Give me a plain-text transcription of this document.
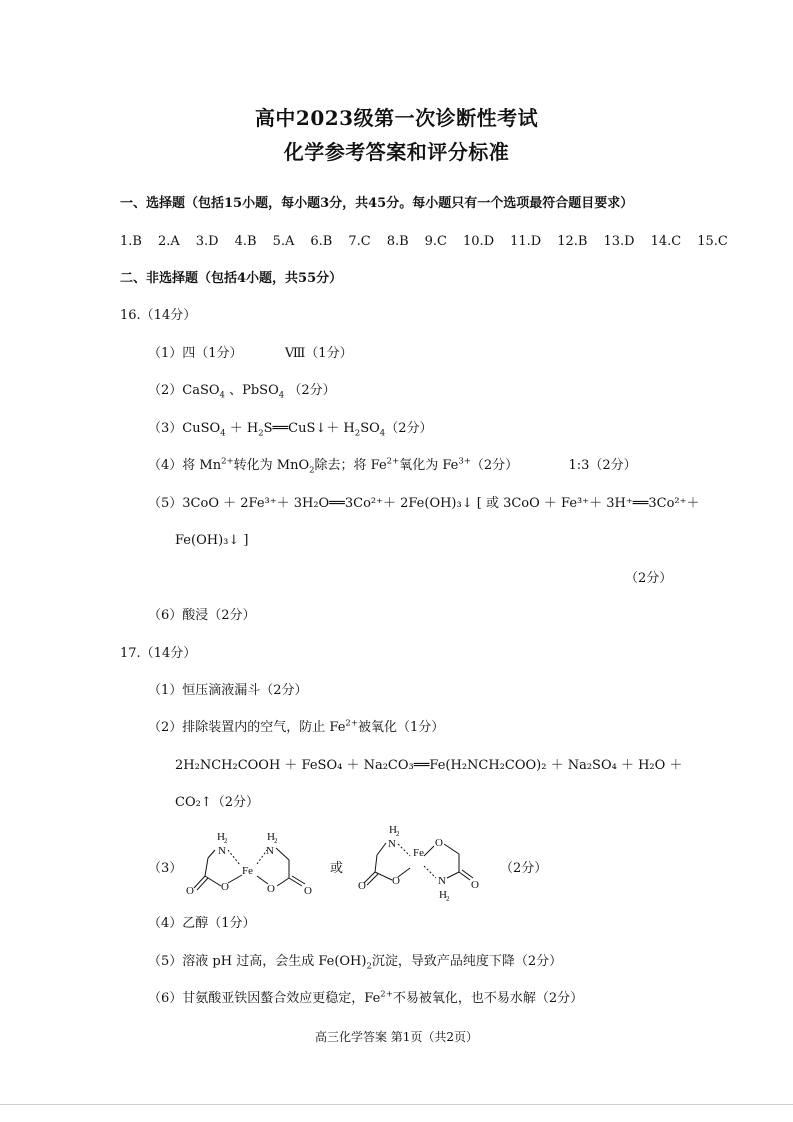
高中2023级第一次诊断性考试
化学参考答案和评分标准
一、选择题（包括15小题，每小题3分，共45分。每小题只有一个选项最符合题目要求）
1.B 2.A 3.D 4.B 5.A 6.B 7.C 8.B 9.C 10.D 11.D 12.B 13.D 14.C 15.C
二、非选择题（包括4小题，共55分）
16.（14分）
（1）四（1分）	Ⅷ（1分）
（2）CaSO$_4$ 、PbSO$_4$ （2分）
（3）CuSO$_4$ ＋ $H_2S══CuS↓+ H_2SO_4(2$分）
（4）将 $Mn^{2+}$转化为 MnO$_2$除去；将 $Fe^{2+}$氧化为 $Fe^{3+}(2$分）	1:3（2分）
（5）3CoO ＋ 2Fe³⁺＋ 3H₂O══3Co²⁺＋ 2Fe(OH)₃↓ [ 或 3CoO ＋ Fe³⁺＋ 3H⁺══3Co²⁺＋
Fe(OH)₃↓ ]
（2分）
（6）酸浸（2分）
17.（14分）
（1）恒压滴液漏斗（2分）
（2）排除装置内的空气，防止 $Fe^{2+}$被氧化（1分）
2H₂NCH₂COOH ＋ FeSO₄ ＋ Na₂CO₃══Fe(H₂NCH₂COO)₂ ＋ Na₂SO₄ ＋ H₂O ＋
CO₂↑（2分）
（3）
H 2
N
H 2
N
Fe
O O	O	O
或
H 2
N
Fe
O
O O	N
H 2
O
（2分）
（4）乙醇（1分）
（5）溶液 pH 过高，会生成 $Fe(OH)_2$沉淀，导致产品纯度下降（2分）
（6）甘氨酸亚铁因螯合效应更稳定，$Fe^{2+}$不易被氧化，也不易水解（2分）
高三化学答案 第1页（共2页）
